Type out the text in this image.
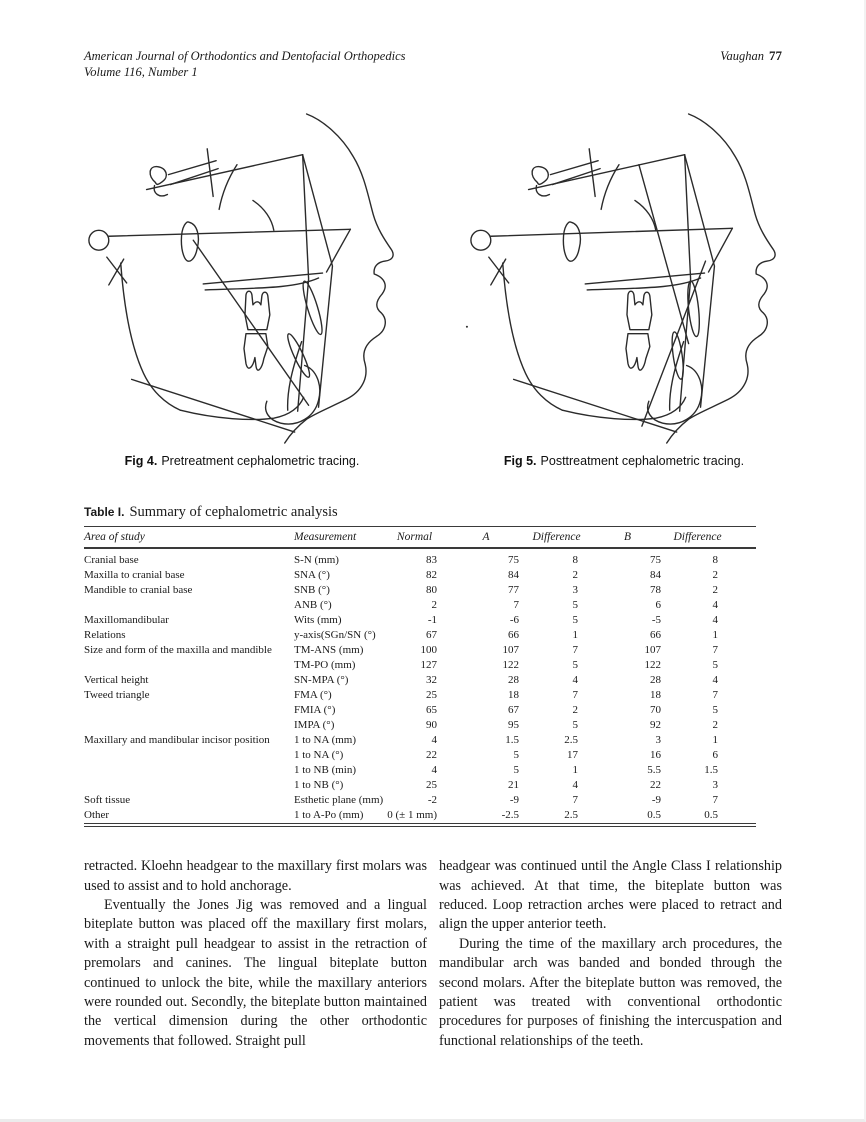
American Journal of Orthodontics and Dentofacial Orthopedics
Volume 116, Number 1
Vaughan 77
Fig 4. Pretreatment cephalometric tracing.	Fig 5. Posttreatment cephalometric tracing.
Table I. Summary of cephalometric analysis
Area of study	Measurement	Normal	A	Difference	B	Difference	
Cranial base	S-N (mm)	83	75	8	75	8	
Maxilla to cranial base	SNA (°)	82	84	2	84	2	
Mandible to cranial base	SNB (°)	80	77	3	78	2	
	ANB (°)	2	7	5	6	4	
Maxillomandibular	Wits (mm)	-1	-6	5	-5	4	
Relations	y-axis(SGn/SN (°)	67	66	1	66	1	
Size and form of the maxilla and mandible	TM-ANS (mm)	100	107	7	107	7	
	TM-PO (mm)	127	122	5	122	5	
Vertical height	SN-MPA (°)	32	28	4	28	4	
Tweed triangle	FMA (°)	25	18	7	18	7	
	FMIA (°)	65	67	2	70	5	
	IMPA (°)	90	95	5	92	2	
Maxillary and mandibular incisor position	1 to NA (mm)	4	1.5	2.5	3	1	
	1 to NA (°)	22	5	17	16	6	
	1 to NB (min)	4	5	1	5.5	1.5	
	1 to NB (°)	25	21	4	22	3	
Soft tissue	Esthetic plane (mm)	-2	-9	7	-9	7	
Other	1 to A-Po (mm)	0 (± 1 mm)	-2.5	2.5	0.5	0.5	

retracted. Kloehn headgear to the maxillary first molars was used to assist and to hold anchorage.

Eventually the Jones Jig was removed and a lingual biteplate button was placed off the maxillary first molars, with a straight pull headgear to assist in the retraction of premolars and canines. The lingual biteplate button continued to unlock the bite, while the maxillary anteriors were rounded out. Secondly, the biteplate button maintained the vertical dimension during the other orthodontic movements that followed. Straight pull

headgear was continued until the Angle Class I relationship was achieved. At that time, the biteplate button was reduced. Loop retraction arches were placed to retract and align the upper anterior teeth.

During the time of the maxillary arch procedures, the mandibular arch was banded and bonded through the second molars. After the biteplate button was removed, the patient was treated with conventional orthodontic procedures for purposes of finishing the intercuspation and functional relationships of the teeth.
